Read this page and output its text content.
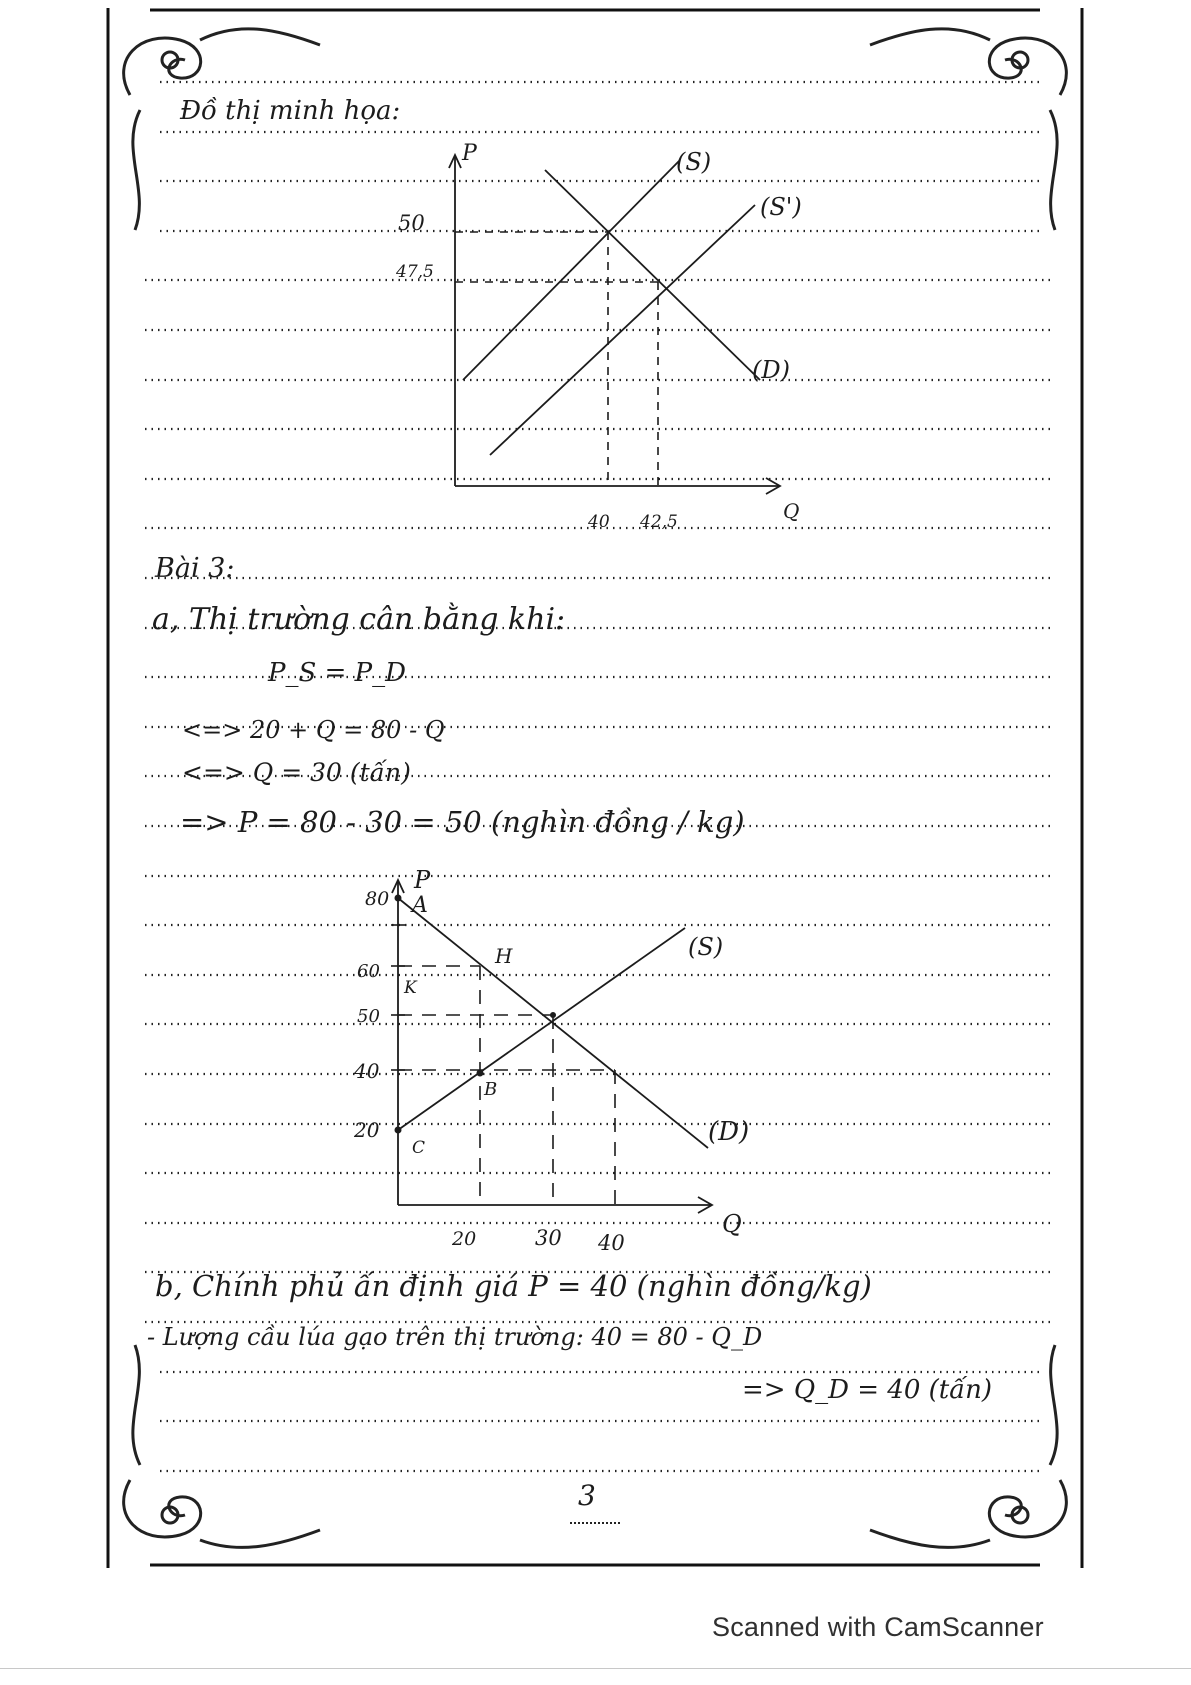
P
Q
(S)
(S')
(D)
50
47,5
40 42,5
P
Q
A
H
K
B
C
(S)
(D)
80
60
50
40
20
20	30 40
Đồ thị minh họa:
Bài 3:
a, Thị trường cân bằng khi:
P_S = P_D
<=> 20 + Q = 80 - Q
<=> Q = 30 (tấn)
=> P = 80 - 30 = 50 (nghìn đồng / kg)
b, Chính phủ ấn định giá P = 40 (nghìn đồng/kg)
- Lượng cầu lúa gạo trên thị trường: 40 = 80 - Q_D
=> Q_D = 40 (tấn)
3
Scanned with CamScanner
